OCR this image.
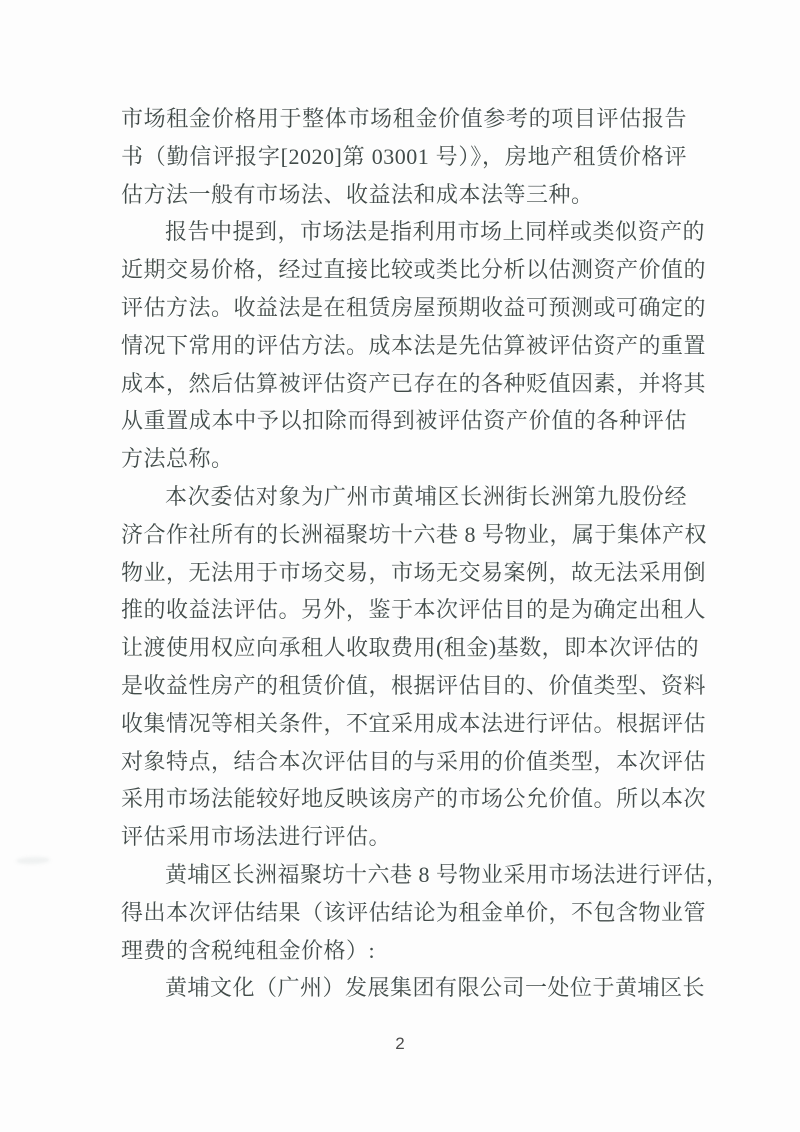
市场租金价格用于整体市场租金价值参考的项目评估报告
书（勤信评报字[2020]第 03001 号）》，房地产租赁价格评
估方法一般有市场法、收益法和成本法等三种。
报告中提到，市场法是指利用市场上同样或类似资产的
近期交易价格，经过直接比较或类比分析以估测资产价值的
评估方法。收益法是在租赁房屋预期收益可预测或可确定的
情况下常用的评估方法。成本法是先估算被评估资产的重置
成本，然后估算被评估资产已存在的各种贬值因素，并将其
从重置成本中予以扣除而得到被评估资产价值的各种评估
方法总称。
本次委估对象为广州市黄埔区长洲街长洲第九股份经
济合作社所有的长洲福聚坊十六巷 8 号物业，属于集体产权
物业，无法用于市场交易，市场无交易案例，故无法采用倒
推的收益法评估。另外，鉴于本次评估目的是为确定出租人
让渡使用权应向承租人收取费用(租金)基数，即本次评估的
是收益性房产的租赁价值，根据评估目的、价值类型、资料
收集情况等相关条件，不宜采用成本法进行评估。根据评估
对象特点，结合本次评估目的与采用的价值类型，本次评估
采用市场法能较好地反映该房产的市场公允价值。所以本次
评估采用市场法进行评估。
黄埔区长洲福聚坊十六巷 8 号物业采用市场法进行评估，
得出本次评估结果（该评估结论为租金单价，不包含物业管
理费的含税纯租金价格）:
黄埔文化（广州）发展集团有限公司一处位于黄埔区长
2
